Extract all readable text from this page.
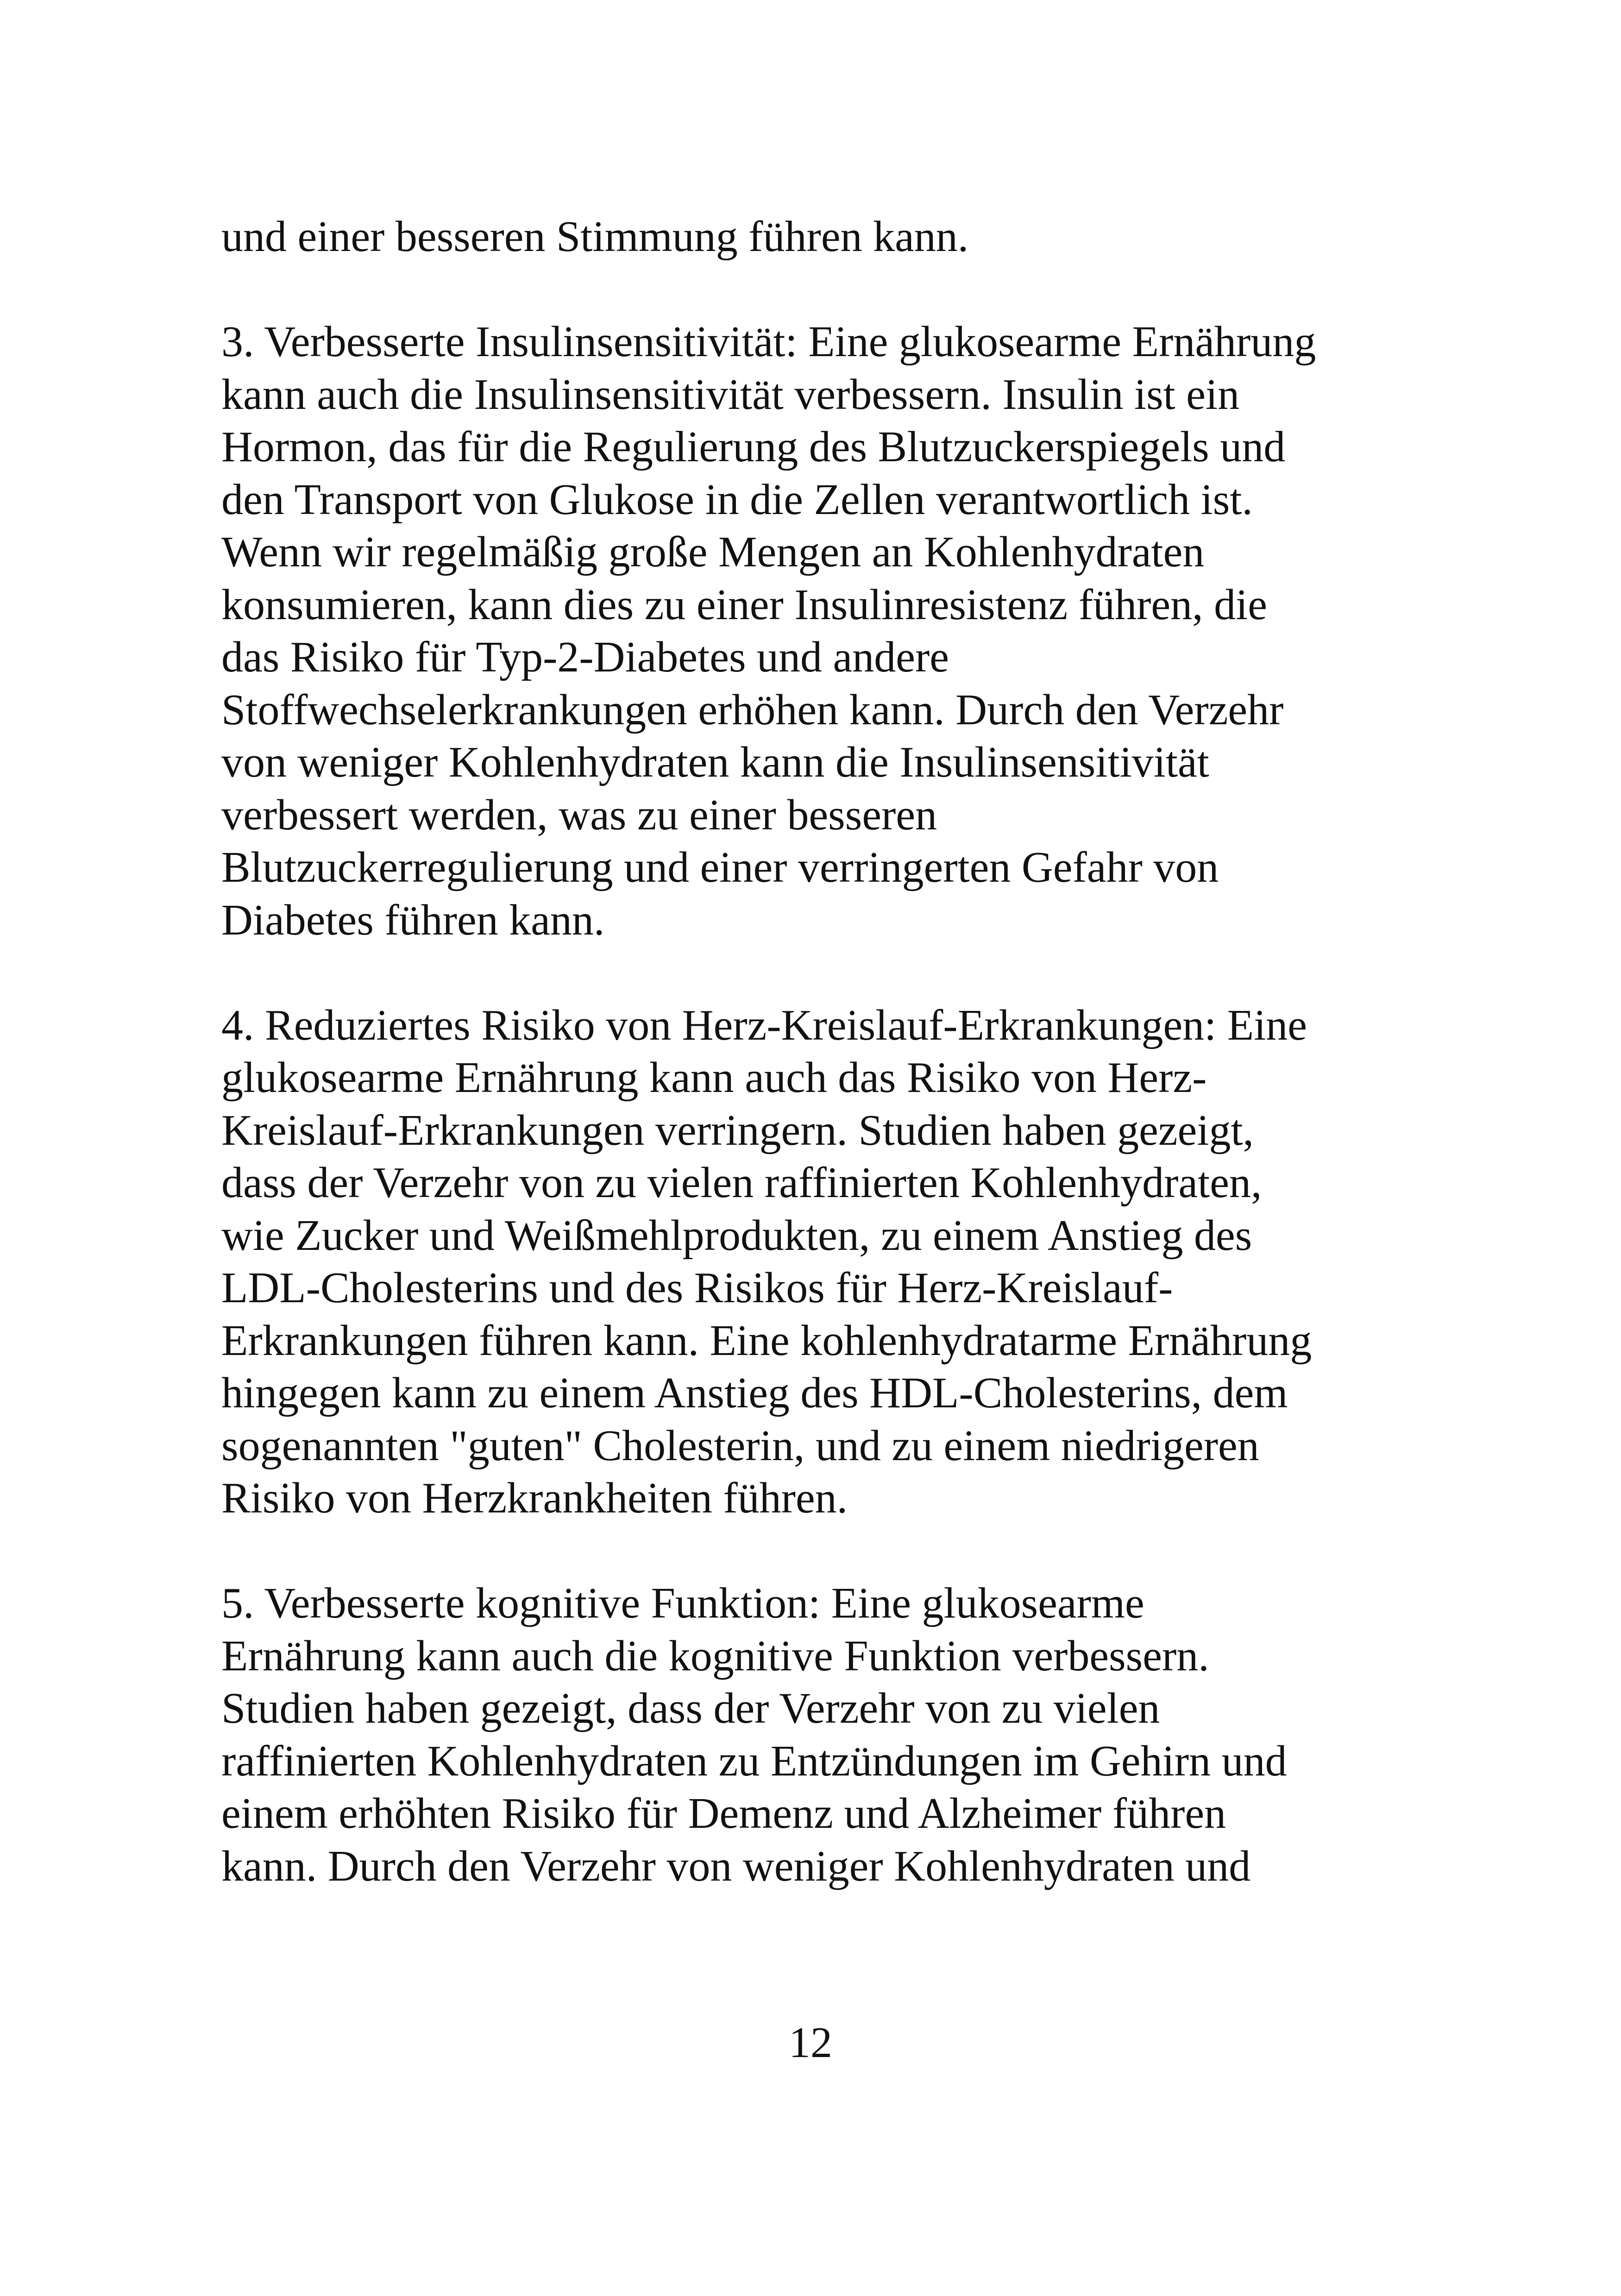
und einer besseren Stimmung führen kann.
3. Verbesserte Insulinsensitivität: Eine glukosearme Ernährung
kann auch die Insulinsensitivität verbessern. Insulin ist ein
Hormon, das für die Regulierung des Blutzuckerspiegels und
den Transport von Glukose in die Zellen verantwortlich ist.
Wenn wir regelmäßig große Mengen an Kohlenhydraten
konsumieren, kann dies zu einer Insulinresistenz führen, die
das Risiko für Typ-2-Diabetes und andere
Stoffwechselerkrankungen erhöhen kann. Durch den Verzehr
von weniger Kohlenhydraten kann die Insulinsensitivität
verbessert werden, was zu einer besseren
Blutzuckerregulierung und einer verringerten Gefahr von
Diabetes führen kann.
4. Reduziertes Risiko von Herz-Kreislauf-Erkrankungen: Eine
glukosearme Ernährung kann auch das Risiko von Herz-
Kreislauf-Erkrankungen verringern. Studien haben gezeigt,
dass der Verzehr von zu vielen raffinierten Kohlenhydraten,
wie Zucker und Weißmehlprodukten, zu einem Anstieg des
LDL-Cholesterins und des Risikos für Herz-Kreislauf-
Erkrankungen führen kann. Eine kohlenhydratarme Ernährung
hingegen kann zu einem Anstieg des HDL-Cholesterins, dem
sogenannten "guten" Cholesterin, und zu einem niedrigeren
Risiko von Herzkrankheiten führen.
5. Verbesserte kognitive Funktion: Eine glukosearme
Ernährung kann auch die kognitive Funktion verbessern.
Studien haben gezeigt, dass der Verzehr von zu vielen
raffinierten Kohlenhydraten zu Entzündungen im Gehirn und
einem erhöhten Risiko für Demenz und Alzheimer führen
kann. Durch den Verzehr von weniger Kohlenhydraten und
12
